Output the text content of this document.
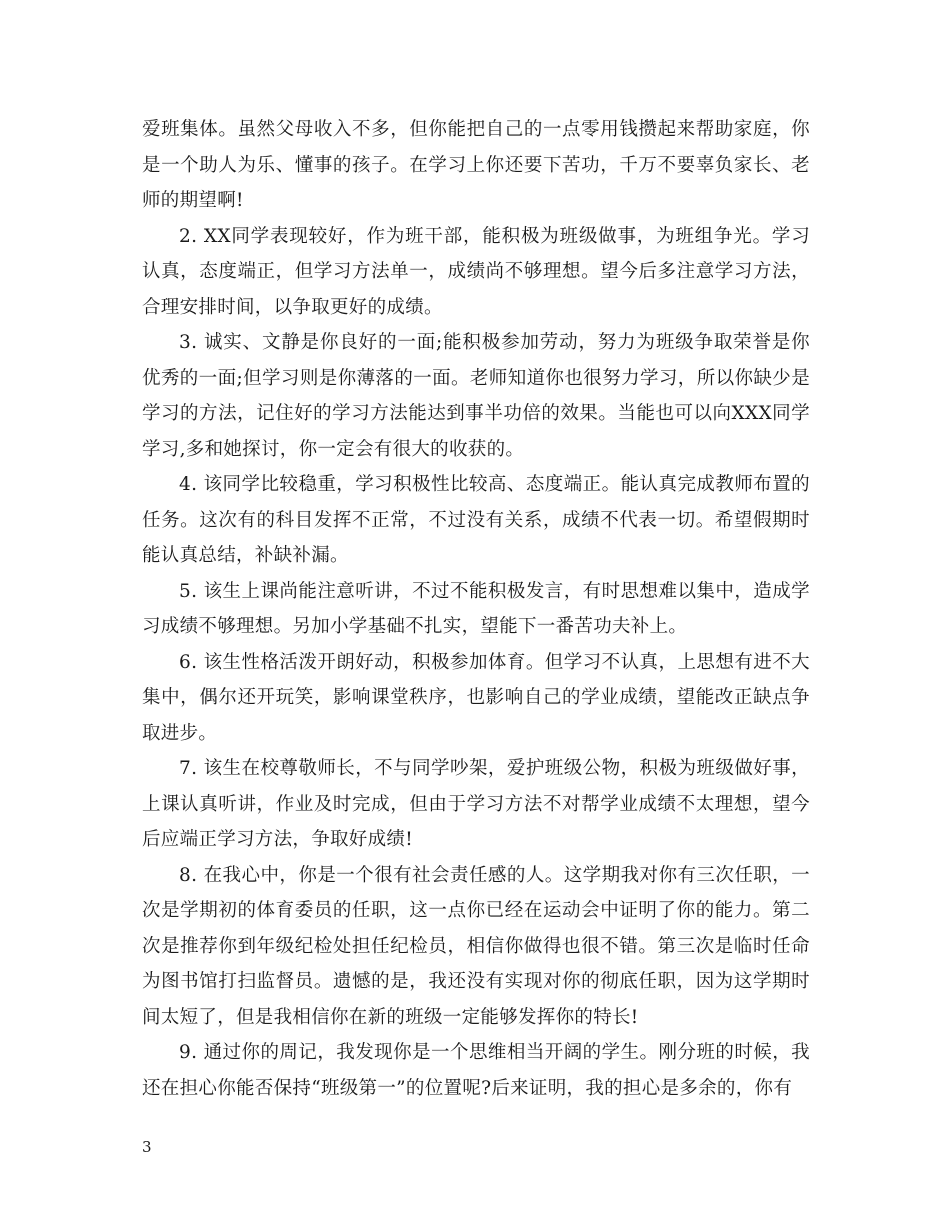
爱班集体。虽然父母收入不多，但你能把自己的一点零用钱攒起来帮助家庭，你是一个助人为乐、懂事的孩子。在学习上你还要下苦功，千万不要辜负家长、老师的期望啊!

2. XX同学表现较好，作为班干部，能积极为班级做事，为班组争光。学习认真，态度端正，但学习方法单一，成绩尚不够理想。望今后多注意学习方法，合理安排时间，以争取更好的成绩。

3. 诚实、文静是你良好的一面;能积极参加劳动，努力为班级争取荣誉是你优秀的一面;但学习则是你薄落的一面。老师知道你也很努力学习，所以你缺少是学习的方法，记住好的学习方法能达到事半功倍的效果。当能也可以向XXX同学学习,多和她探讨，你一定会有很大的收获的。

4. 该同学比较稳重，学习积极性比较高、态度端正。能认真完成教师布置的任务。这次有的科目发挥不正常，不过没有关系，成绩不代表一切。希望假期时能认真总结，补缺补漏。

5. 该生上课尚能注意听讲，不过不能积极发言，有时思想难以集中，造成学习成绩不够理想。另加小学基础不扎实，望能下一番苦功夫补上。

6. 该生性格活泼开朗好动，积极参加体育。但学习不认真，上思想有进不大集中，偶尔还开玩笑，影响课堂秩序，也影响自己的学业成绩，望能改正缺点争取进步。

7. 该生在校尊敬师长，不与同学吵架，爱护班级公物，积极为班级做好事，上课认真听讲，作业及时完成，但由于学习方法不对帮学业成绩不太理想，望今后应端正学习方法，争取好成绩!

8. 在我心中，你是一个很有社会责任感的人。这学期我对你有三次任职，一次是学期初的体育委员的任职，这一点你已经在运动会中证明了你的能力。第二次是推荐你到年级纪检处担任纪检员，相信你做得也很不错。第三次是临时任命为图书馆打扫监督员。遗憾的是，我还没有实现对你的彻底任职，因为这学期时间太短了，但是我相信你在新的班级一定能够发挥你的特长!

9. 通过你的周记，我发现你是一个思维相当开阔的学生。刚分班的时候，我还在担心你能否保持“班级第一”的位置呢?后来证明，我的担心是多余的，你有

3
